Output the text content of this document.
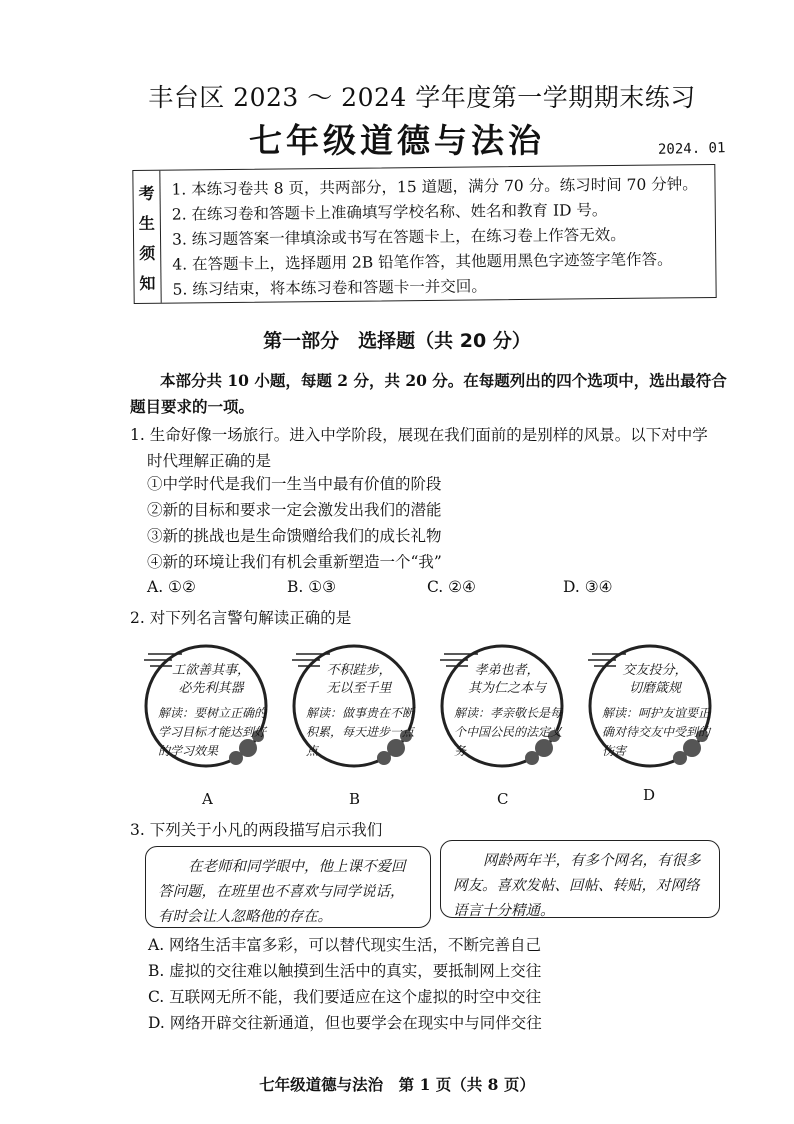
丰台区 2023 ～ 2024 学年度第一学期期末练习
七年级道德与法治	2024. 01
考
生
须
知
1. 本练习卷共 8 页，共两部分，15 道题，满分 70 分。练习时间 70 分钟。
2. 在练习卷和答题卡上准确填写学校名称、姓名和教育 ID 号。
3. 练习题答案一律填涂或书写在答题卡上，在练习卷上作答无效。
4. 在答题卡上，选择题用 2B 铅笔作答，其他题用黑色字迹签字笔作答。
5. 练习结束，将本练习卷和答题卡一并交回。
第一部分　选择题（共 20 分）
本部分共 10 小题，每题 2 分，共 20 分。在每题列出的四个选项中，选出最符合题目要求的一项。
1. 生命好像一场旅行。进入中学阶段，展现在我们面前的是别样的风景。以下对中学
时代理解正确的是
①中学时代是我们一生当中最有价值的阶段
②新的目标和要求一定会激发出我们的潜能
③新的挑战也是生命馈赠给我们的成长礼物
④新的环境让我们有机会重新塑造一个“我”
A. ①②	B. ①③	C. ②④	D. ③④
2. 对下列名言警句解读正确的是
工欲善其事，
必先利其器
解读：要树立正确的学习目标才能达到好的学习效果
A
不积跬步，
无以至千里
解读：做事贵在不断积累，每天进步一点点
B
孝弟也者，
其为仁之本与
解读：孝亲敬长是每个中国公民的法定义务
C
交友投分，
切磨箴规
解读：呵护友谊要正确对待交友中受到的伤害
D
3. 下列关于小凡的两段描写启示我们
在老师和同学眼中，他上课不爱回答问题，在班里也不喜欢与同学说话，有时会让人忽略他的存在。
网龄两年半，有多个网名，有很多网友。喜欢发帖、回帖、转贴，对网络语言十分精通。
A. 网络生活丰富多彩，可以替代现实生活，不断完善自己
B. 虚拟的交往难以触摸到生活中的真实，要抵制网上交往
C. 互联网无所不能，我们要适应在这个虚拟的时空中交往
D. 网络开辟交往新通道，但也要学会在现实中与同伴交往
七年级道德与法治　第 1 页（共 8 页）
